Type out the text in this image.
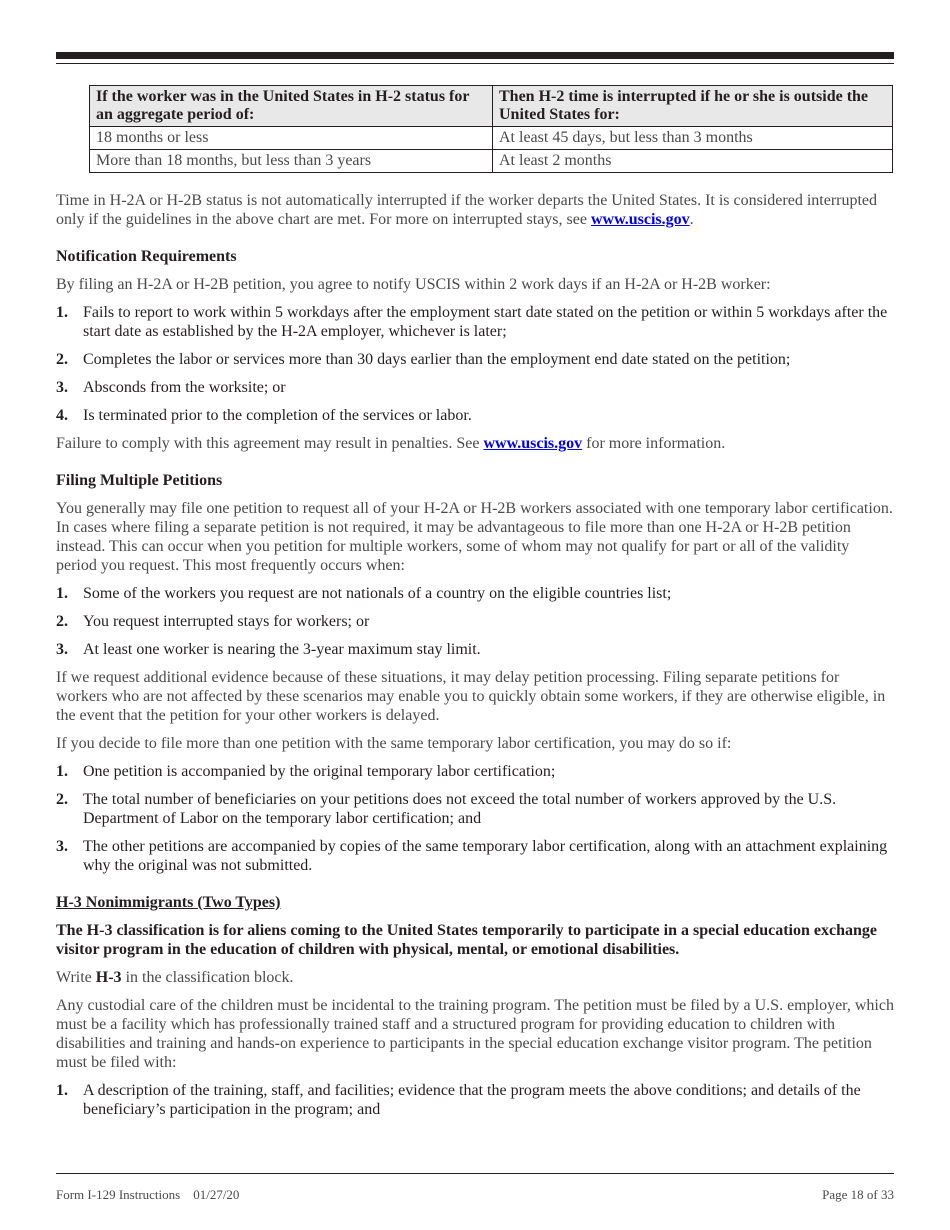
If the worker was in the United States in H-2 status for an aggregate period of:	Then H-2 time is interrupted if he or she is outside the United States for:
18 months or less	At least 45 days, but less than 3 months
More than 18 months, but less than 3 years	At least 2 months

Time in H-2A or H-2B status is not automatically interrupted if the worker departs the United States. It is considered interrupted only if the guidelines in the above chart are met. For more on interrupted stays, see www.uscis.gov.

Notification Requirements

By filing an H-2A or H-2B petition, you agree to notify USCIS within 2 work days if an H-2A or H-2B worker:

1. Fails to report to work within 5 workdays after the employment start date stated on the petition or within 5 workdays after the start date as established by the H-2A employer, whichever is later;
2. Completes the labor or services more than 30 days earlier than the employment end date stated on the petition;
3. Absconds from the worksite; or
4. Is terminated prior to the completion of the services or labor.

Failure to comply with this agreement may result in penalties. See www.uscis.gov for more information.

Filing Multiple Petitions

You generally may file one petition to request all of your H-2A or H-2B workers associated with one temporary labor certification. In cases where filing a separate petition is not required, it may be advantageous to file more than one H-2A or H-2B petition instead. This can occur when you petition for multiple workers, some of whom may not qualify for part or all of the validity period you request. This most frequently occurs when:

1. Some of the workers you request are not nationals of a country on the eligible countries list;
2. You request interrupted stays for workers; or
3. At least one worker is nearing the 3-year maximum stay limit.

If we request additional evidence because of these situations, it may delay petition processing. Filing separate petitions for workers who are not affected by these scenarios may enable you to quickly obtain some workers, if they are otherwise eligible, in the event that the petition for your other workers is delayed.

If you decide to file more than one petition with the same temporary labor certification, you may do so if:

1. One petition is accompanied by the original temporary labor certification;
2. The total number of beneficiaries on your petitions does not exceed the total number of workers approved by the U.S. Department of Labor on the temporary labor certification; and
3. The other petitions are accompanied by copies of the same temporary labor certification, along with an attachment explaining why the original was not submitted.

H-3 Nonimmigrants (Two Types)

The H-3 classification is for aliens coming to the United States temporarily to participate in a special education exchange visitor program in the education of children with physical, mental, or emotional disabilities.

Write H-3 in the classification block.

Any custodial care of the children must be incidental to the training program. The petition must be filed by a U.S. employer, which must be a facility which has professionally trained staff and a structured program for providing education to children with disabilities and training and hands-on experience to participants in the special education exchange visitor program. The petition must be filed with:

1. A description of the training, staff, and facilities; evidence that the program meets the above conditions; and details of the beneficiary’s participation in the program; and
Form I-129 Instructions    01/27/20	Page 18 of 33
